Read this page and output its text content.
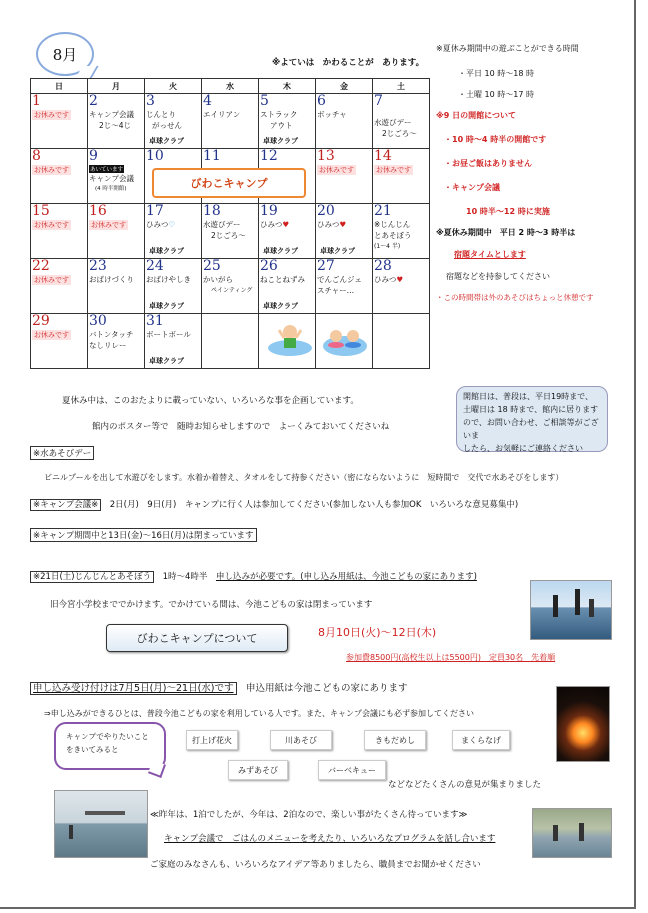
8月	※よていは　かわることが　あります。
日	月	火	水	木	金	土

1
お休みです	2
キャンプ会議
2じ〜4じ	3
じんとり
がっせん
卓球クラブ	4
エイリアン	5
ストラック
アウト
卓球クラブ	6
ボッチャ	7
水遊びデー
2じごろ〜

8
お休みです	9
あいています
キャンプ会議
(4 時半開館)	10	11	12	13
お休みです	14
お休みです

15
お休みです	16
お休みです	17
ひみつ♡
卓球クラブ	18
水遊びデー
2じごろ〜	19
ひみつ♥
卓球クラブ	20
ひみつ♥
卓球クラブ	21
※じんじん
とあそぼう
(1〜4 半)

22
お休みです	23
おばけづくり	24
おばけやしき
卓球クラブ	25
かいがら
ペインティング	26
ねことねずみ
卓球クラブ	27
でんごんジェ
スチャー…	28
ひみつ♥

29
お休みです	30
バトンタッチ
なしリレー	31
ボートボール
卓球クラブ

びわこキャンプ

※夏休み期間中の遊ぶことができる時間

・平日 10 時〜18 時

・土曜 10 時〜17 時

※9 日の開館について

・10 時〜4 時半の開館です

・お昼ご飯はありません

・キャンプ会議

10 時半〜12 時に実施

※夏休み期間中　平日 2 時〜3 時半は

宿題タイムとします

宿題などを持参してください

・この時間帯は外のあそびはちょっと休憩です

開館日は、普段は、平日19時まで、
土曜日は 18 時まで、館内に居ります
ので、お問い合わせ、ご相談等がございま
したら、お気軽にご連絡ください
夏休み中は、このおたよりに載っていない、いろいろな事を企画しています。
館内のポスター等で　随時お知らせしますので　よーくみておいてくださいね
※水あそびデー
ビニルプールを出して水遊びをします。水着か着替え、タオルをして持参ください（密にならないように　短時間で　交代で水あそびをします）
※キャンプ会議※　 2日(月)　9日(月)　キャンプに行く人は参加してください(参加しない人も参加OK　いろいろな意見募集中)
※キャンプ期間中と13日(金)〜16日(月)は閉まっています
※21日(土)じんじんとあそぼう　 1時〜4時半　 申し込みが必要です。(申し込み用紙は、今池こどもの家にあります)
旧今宮小学校まででかけます。でかけている間は、今池こどもの家は閉まっています
びわこキャンプについて	8月10日(火)〜12日(木)
参加費8500円(高校生以上は5500円)　定員30名　先着順
申し込み受け付けは7月5日(月)〜21日(水)です　 申込用紙は今池こどもの家にあります
⇒申し込みができるひとは、普段今池こどもの家を利用している人です。また、キャンプ会議にも必ず参加してください
キャンプでやりたいことをきいてみると
打上げ花火	川あそび	きもだめし	まくらなげ
みずあそび	バーベキュー
などなどたくさんの意見が集まりました
≪昨年は、1泊でしたが、今年は、2泊なので、楽しい事がたくさん待っています≫
キャンプ会議で　ごはんのメニューを考えたり、いろいろなプログラムを話し合います
ご家庭のみなさんも、いろいろなアイデア等ありましたら、職員までお聞かせください
